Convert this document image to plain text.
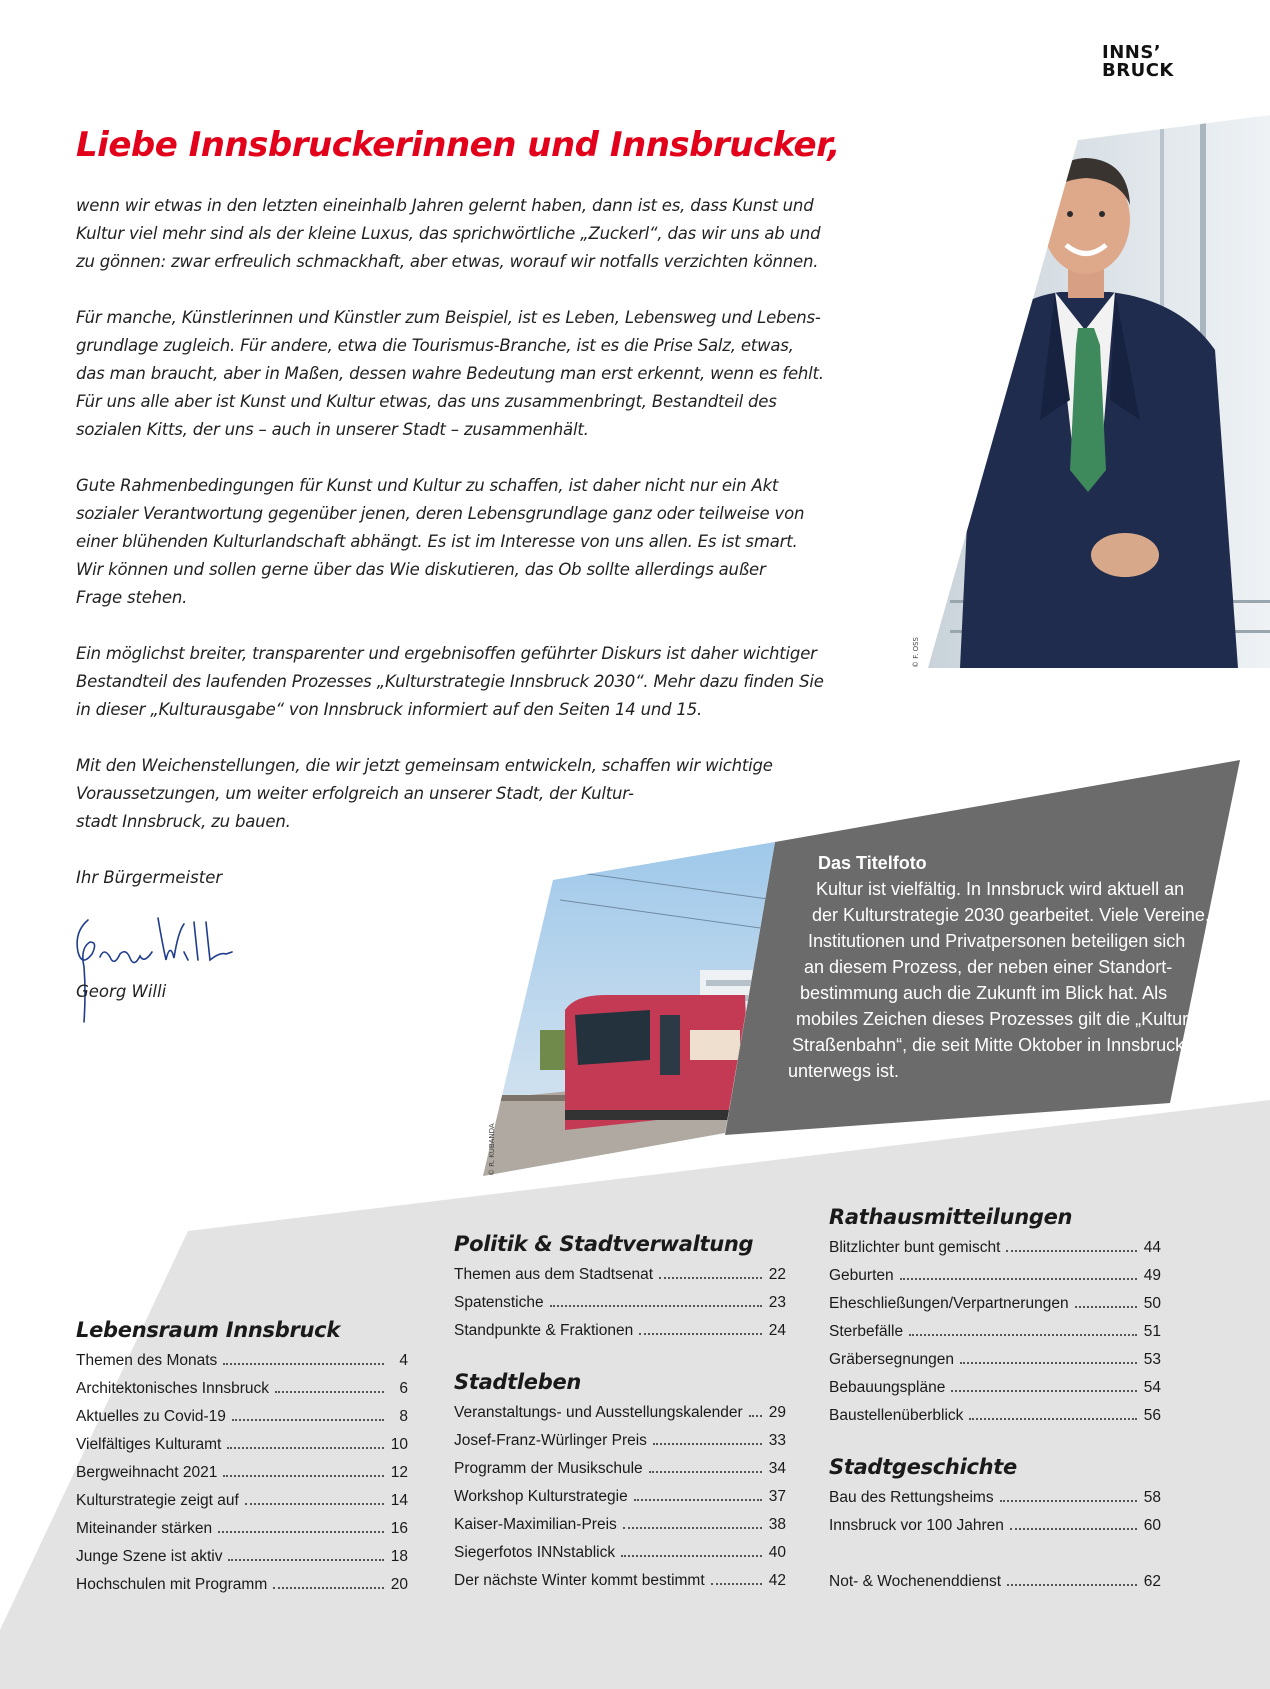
INNS’
BRUCK
Liebe Innsbruckerinnen und Innsbrucker,

wenn wir etwas in den letzten eineinhalb Jahren gelernt haben, dann ist es, dass Kunst und
Kultur viel mehr sind als der kleine Luxus, das sprichwörtliche „Zuckerl“, das wir uns ab und
zu gönnen: zwar erfreulich schmackhaft, aber etwas, worauf wir notfalls verzichten können.

Für manche, Künstlerinnen und Künstler zum Beispiel, ist es Leben, Lebensweg und Lebens-
grundlage zugleich. Für andere, etwa die Tourismus-Branche, ist es die Prise Salz, etwas,
das man braucht, aber in Maßen, dessen wahre Bedeutung man erst erkennt, wenn es fehlt.
Für uns alle aber ist Kunst und Kultur etwas, das uns zusammenbringt, Bestandteil des
sozialen Kitts, der uns – auch in unserer Stadt – zusammenhält.

Gute Rahmenbedingungen für Kunst und Kultur zu schaffen, ist daher nicht nur ein Akt
sozialer Verantwortung gegenüber jenen, deren Lebensgrundlage ganz oder teilweise von
einer blühenden Kulturlandschaft abhängt. Es ist im Interesse von uns allen. Es ist smart.
Wir können und sollen gerne über das Wie diskutieren, das Ob sollte allerdings außer
Frage stehen.

Ein möglichst breiter, transparenter und ergebnisoffen geführter Diskurs ist daher wichtiger
Bestandteil des laufenden Prozesses „Kulturstrategie Innsbruck 2030“. Mehr dazu finden Sie
in dieser „Kulturausgabe“ von Innsbruck informiert auf den Seiten 14 und 15.

Mit den Weichenstellungen, die wir jetzt gemeinsam entwickeln, schaffen wir wichtige
Voraussetzungen, um weiter erfolgreich an unserer Stadt, der Kultur-
stadt Innsbruck, zu bauen.

Ihr Bürgermeister
Georg Willi
© F. OSS
© R. KUBANDA
Das Titelfoto
Kultur ist vielfältig. In Innsbruck wird aktuell an
der Kulturstrategie 2030 gearbeitet. Viele Vereine,
Institutionen und Privatpersonen beteiligen sich
an diesem Prozess, der neben einer Standort-
bestimmung auch die Zukunft im Blick hat. Als
mobiles Zeichen dieses Prozesses gilt die „Kultur-
Straßenbahn“, die seit Mitte Oktober in Innsbruck
unterwegs ist.
Lebensraum Innsbruck
Themen des Monats	4
Architektonisches Innsbruck	6
Aktuelles zu Covid-19	8
Vielfältiges Kulturamt	10
Bergweihnacht 2021	12
Kulturstrategie zeigt auf	14
Miteinander stärken	16
Junge Szene ist aktiv	18
Hochschulen mit Programm	20
Politik & Stadtverwaltung
Themen aus dem Stadtsenat	22
Spatenstiche	23
Standpunkte & Fraktionen	24
Stadtleben
Veranstaltungs- und Ausstellungskalender 29
Josef-Franz-Würlinger Preis	33
Programm der Musikschule	34
Workshop Kulturstrategie	37
Kaiser-Maximilian-Preis	38
Siegerfotos INNstablick	40
Der nächste Winter kommt bestimmt	42
Rathausmitteilungen
Blitzlichter bunt gemischt	44
Geburten	49
Eheschließungen/Verpartnerungen	50
Sterbefälle	51
Gräbersegnungen	53
Bebauungspläne	54
Baustellenüberblick	56
Stadtgeschichte
Bau des Rettungsheims	58
Innsbruck vor 100 Jahren	60
Not- & Wochenenddienst	62
